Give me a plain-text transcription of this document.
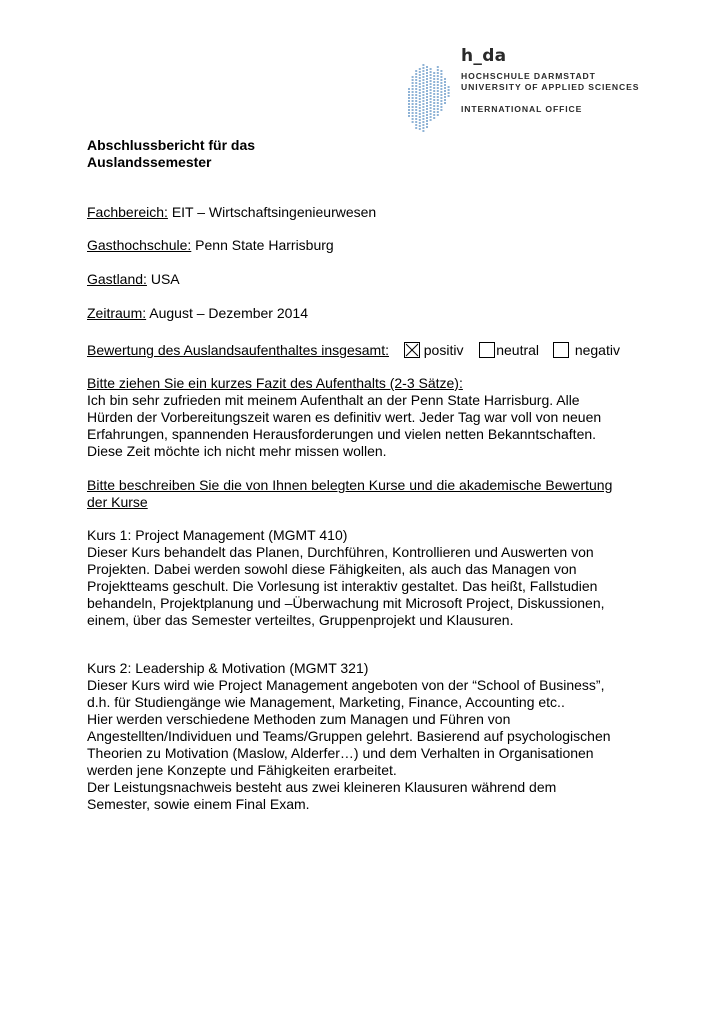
h_da
HOCHSCHULE DARMSTADT
UNIVERSITY OF APPLIED SCIENCES
INTERNATIONAL OFFICE
Abschlussbericht für das
Auslandssemester
Fachbereich: EIT – Wirtschaftsingenieurwesen
Gasthochschule: Penn State Harrisburg
Gastland: USA
Zeitraum: August – Dezember 2014
Bewertung des Auslandsaufenthaltes insgesamt: positiv neutral	negativ

Bitte ziehen Sie ein kurzes Fazit des Aufenthalts (2-3 Sätze):

Ich bin sehr zufrieden mit meinem Aufenthalt an der Penn State Harrisburg. Alle

Hürden der Vorbereitungszeit waren es definitiv wert. Jeder Tag war voll von neuen

Erfahrungen, spannenden Herausforderungen und vielen netten Bekanntschaften.

Diese Zeit möchte ich nicht mehr missen wollen.

Bitte beschreiben Sie die von Ihnen belegten Kurse und die akademische Bewertung

der Kurse

Kurs 1: Project Management (MGMT 410)

Dieser Kurs behandelt das Planen, Durchführen, Kontrollieren und Auswerten von

Projekten. Dabei werden sowohl diese Fähigkeiten, als auch das Managen von

Projektteams geschult. Die Vorlesung ist interaktiv gestaltet. Das heißt, Fallstudien

behandeln, Projektplanung und –Überwachung mit Microsoft Project, Diskussionen,

einem, über das Semester verteiltes, Gruppenprojekt und Klausuren.

Kurs 2: Leadership & Motivation (MGMT 321)

Dieser Kurs wird wie Project Management angeboten von der “School of Business”,

d.h. für Studiengänge wie Management, Marketing, Finance, Accounting etc..

Hier werden verschiedene Methoden zum Managen und Führen von

Angestellten/Individuen und Teams/Gruppen gelehrt. Basierend auf psychologischen

Theorien zu Motivation (Maslow, Alderfer…) und dem Verhalten in Organisationen

werden jene Konzepte und Fähigkeiten erarbeitet.

Der Leistungsnachweis besteht aus zwei kleineren Klausuren während dem

Semester, sowie einem Final Exam.
